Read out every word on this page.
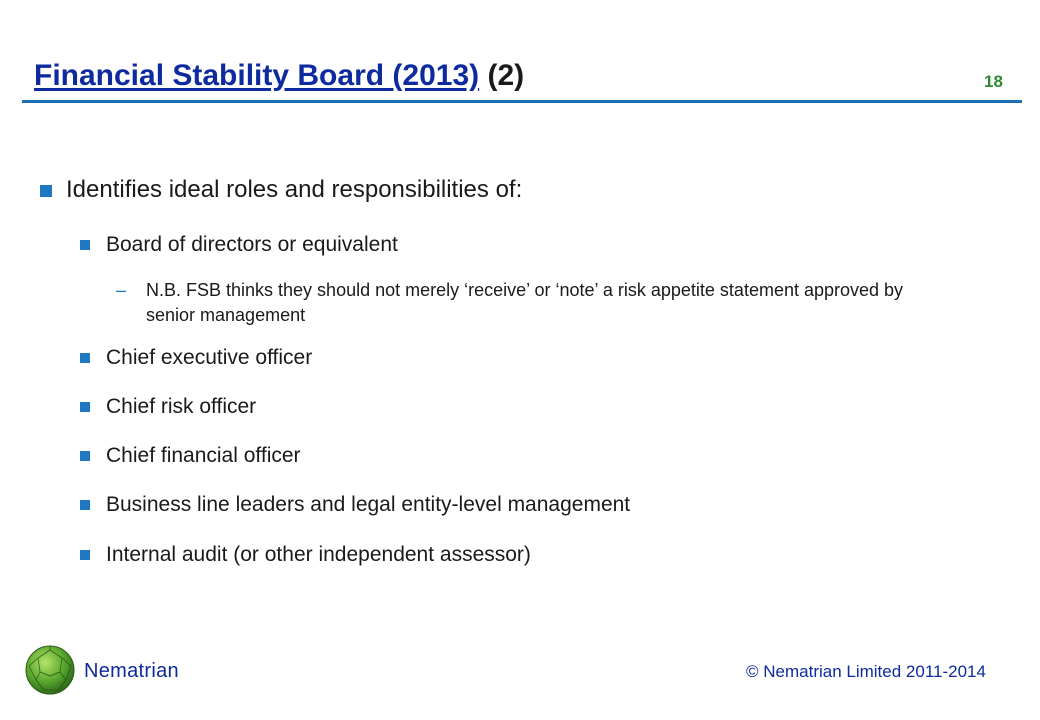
Financial Stability Board (2013) (2)	18
Identifies ideal roles and responsibilities of:
Board of directors or equivalent
–	N.B. FSB thinks they should not merely ‘receive’ or ‘note’ a risk appetite statement approved by senior management
Chief executive officer
Chief risk officer
Chief financial officer
Business line leaders and legal entity-level management
Internal audit (or other independent assessor)
Nematrian	© Nematrian Limited 2011-2014
